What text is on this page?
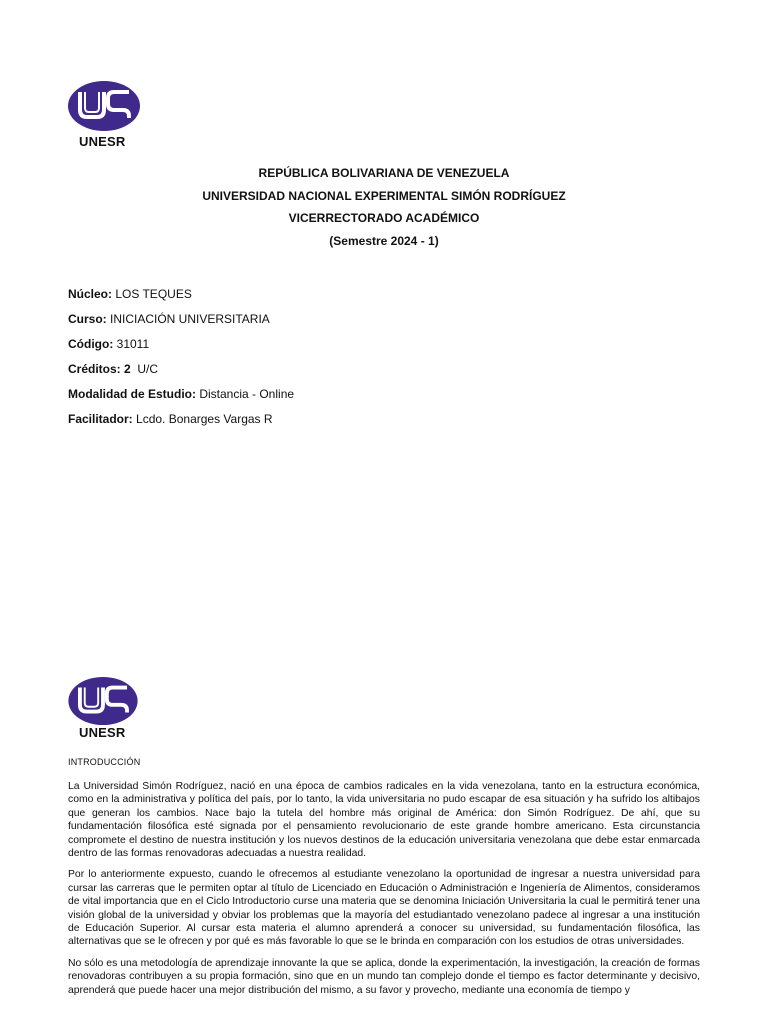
UNESR
REPÚBLICA BOLIVARIANA DE VENEZUELA
UNIVERSIDAD NACIONAL EXPERIMENTAL SIMÓN RODRÍGUEZ
VICERRECTORADO ACADÉMICO
(Semestre 2024 - 1)
Núcleo: LOS TEQUES
Curso: INICIACIÓN UNIVERSITARIA
Código: 31011
Créditos: 2  U/C
Modalidad de Estudio: Distancia - Online
Facilitador: Lcdo. Bonarges Vargas R
UNESR
INTRODUCCIÓN

La Universidad Simón Rodríguez, nació en una época de cambios radicales en la vida venezolana, tanto en la estructura económica, como en la administrativa y política del país, por lo tanto, la vida universitaria no pudo escapar de esa situación y ha sufrido los altibajos que generan los cambios. Nace bajo la tutela del hombre más original de América: don Simón Rodríguez. De ahí, que su fundamentación filosófica esté signada por el pensamiento revolucionario de este grande hombre americano. Esta circunstancia compromete el destino de nuestra institución y los nuevos destinos de la educación universitaria venezolana que debe estar enmarcada dentro de las formas renovadoras adecuadas a nuestra realidad.

Por lo anteriormente expuesto, cuando le ofrecemos al estudiante venezolano la oportunidad de ingresar a nuestra universidad para cursar las carreras que le permiten optar al título de Licenciado en Educación o Administración e Ingeniería de Alimentos, consideramos de vital importancia que en el Ciclo Introductorio curse una materia que se denomina Iniciación Universitaria la cual le permitirá tener una visión global de la universidad y obviar los problemas que la mayoría del estudiantado venezolano padece al ingresar a una institución de Educación Superior. Al cursar esta materia el alumno aprenderá a conocer su universidad, su fundamentación filosófica, las alternativas que se le ofrecen y por qué es más favorable lo que se le brinda en comparación con los estudios de otras universidades.

No sólo es una metodología de aprendizaje innovante la que se aplica, donde la experimentación, la investigación, la creación de formas renovadoras contribuyen a su propia formación, sino que en un mundo tan complejo donde el tiempo es factor determinante y decisivo, aprenderá que puede hacer una mejor distribución del mismo, a su favor y provecho, mediante una economía de tiempo y
